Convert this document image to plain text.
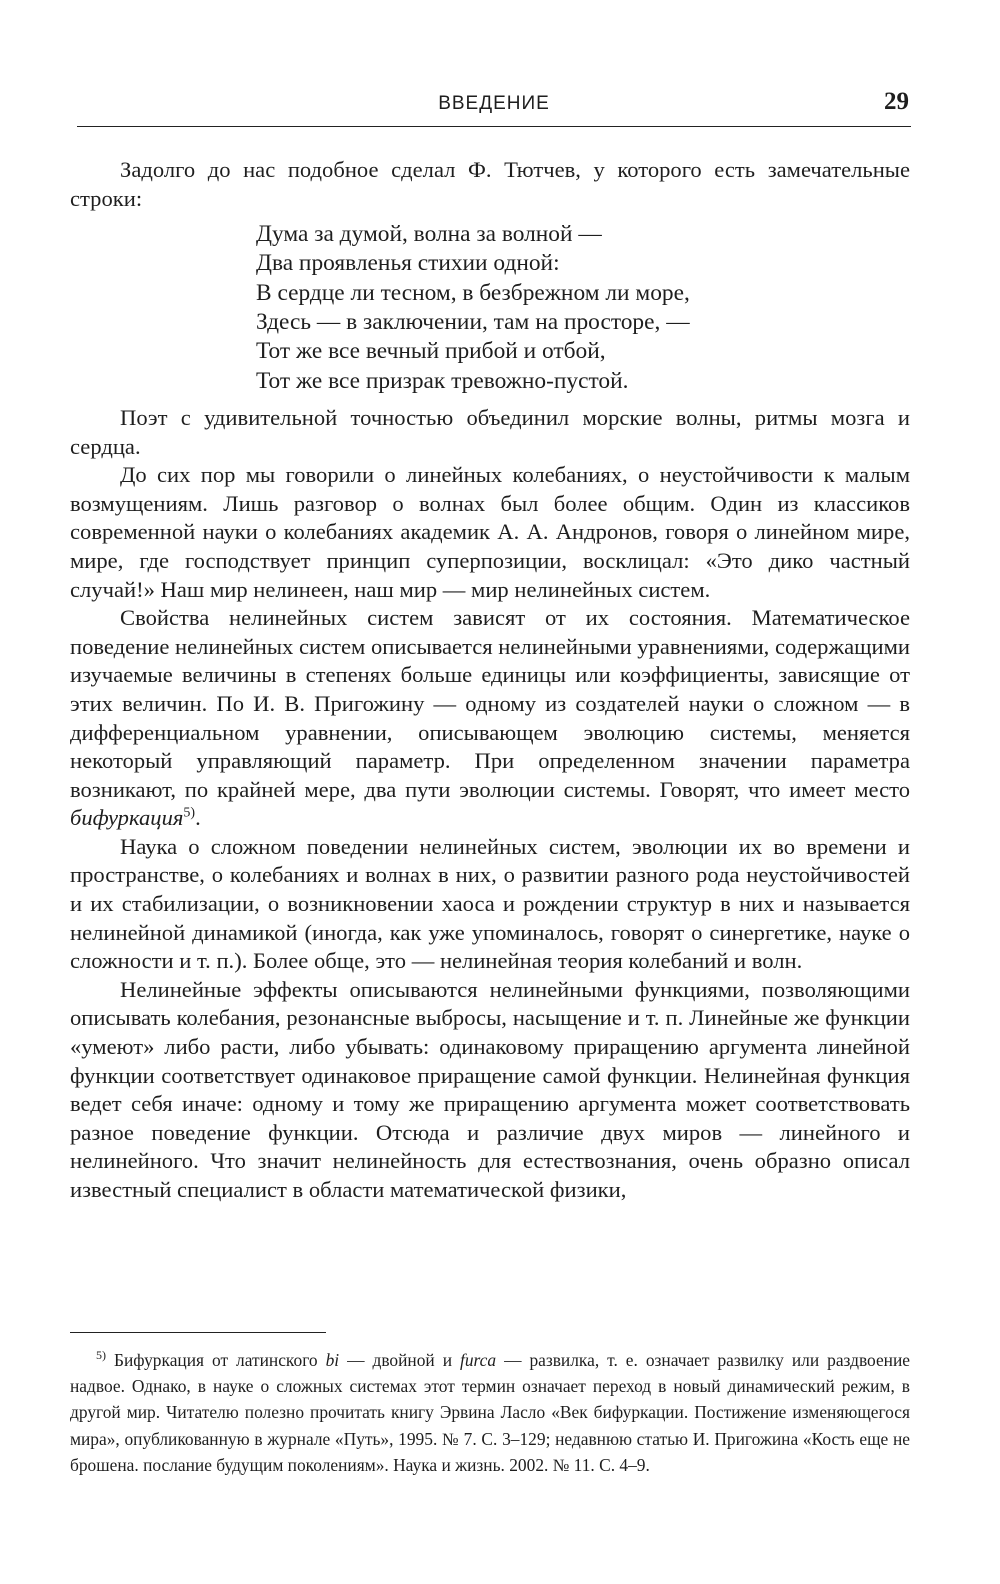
ВВЕДЕНИЕ	29

Задолго до нас подобное сделал Ф. Тютчев, у которого есть замечательные строки:

Дума за думой, волна за волной —
Два проявленья стихии одной:
В сердце ли тесном, в безбрежном ли море,
Здесь — в заключении, там на просторе, —
Тот же все вечный прибой и отбой,
Тот же все призрак тревожно-пустой.

Поэт с удивительной точностью объединил морские волны, ритмы мозга и сердца.

До сих пор мы говорили о линейных колебаниях, о неустойчивости к малым возмущениям. Лишь разговор о волнах был более общим. Один из классиков современной науки о колебаниях академик А. А. Андронов, говоря о линейном мире, мире, где господствует принцип суперпозиции, восклицал: «Это дико частный случай!» Наш мир нелинеен, наш мир — мир нелинейных систем.

Свойства нелинейных систем зависят от их состояния. Математическое поведение нелинейных систем описывается нелинейными уравнениями, содержащими изучаемые величины в степенях больше единицы или коэффициенты, зависящие от этих величин. По И. В. Пригожину — одному из создателей науки о сложном — в дифференциальном уравнении, описывающем эволюцию системы, меняется некоторый управляющий параметр. При определенном значении параметра возникают, по крайней мере, два пути эволюции системы. Говорят, что имеет место бифуркация$^{5)}$.

Наука о сложном поведении нелинейных систем, эволюции их во времени и пространстве, о колебаниях и волнах в них, о развитии разного рода неустойчивостей и их стабилизации, о возникновении хаоса и рождении структур в них и называется нелинейной динамикой (иногда, как уже упоминалось, говорят о синергетике, науке о сложности и т. п.). Более обще, это — нелинейная теория колебаний и волн.

Нелинейные эффекты описываются нелинейными функциями, позволяющими описывать колебания, резонансные выбросы, насыщение и т. п. Линейные же функции «умеют» либо расти, либо убывать: одинаковому приращению аргумента линейной функции соответствует одинаковое приращение самой функции. Нелинейная функция ведет себя иначе: одному и тому же приращению аргумента может соответствовать разное поведение функции. Отсюда и различие двух миров — линейного и нелинейного. Что значит нелинейность для естествознания, очень образно описал известный специалист в области математической физики,

$^{5)}$ Бифуркация от латинского bi — двойной и furca — развилка, т. е. означает развилку или раздвоение надвое. Однако, в науке о сложных системах этот термин означает переход в новый динамический режим, в другой мир. Читателю полезно прочитать книгу Эрвина Ласло «Век бифуркации. Постижение изменяющегося мира», опубликованную в журнале «Путь», 1995. № 7. С. 3–129; недавнюю статью И. Пригожина «Кость еще не брошена. послание будущим поколениям». Наука и жизнь. 2002. № 11. С. 4–9.
